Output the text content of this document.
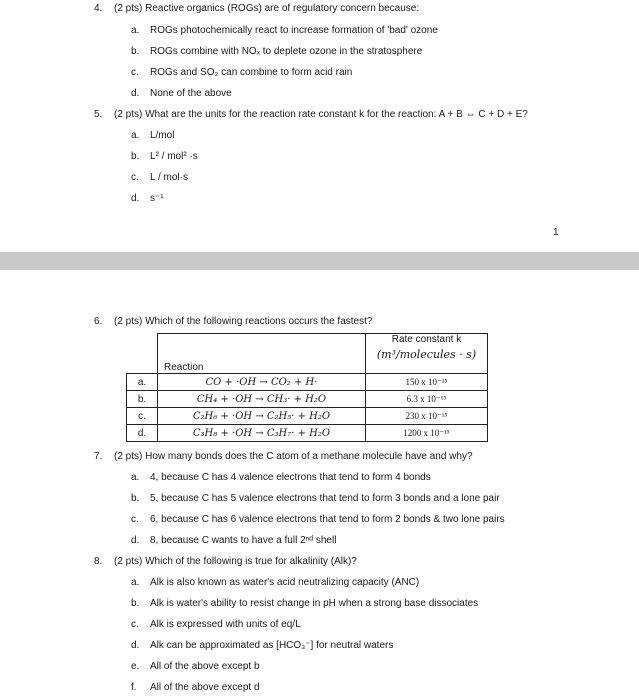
4. (2 pts) Reactive organics (ROGs) are of regulatory concern because:
a. ROGs photochemically react to increase formation of 'bad' ozone
b. ROGs combine with NOₓ to deplete ozone in the stratosphere
c. ROGs and SO₂ can combine to form acid rain
d. None of the above
5. (2 pts) What are the units for the reaction rate constant k for the reaction: A + B ⇔ C + D + E?
a. L/mol
b. L² / mol² ·s
c. L / mol·s
d. s⁻¹
1
6. (2 pts) Which of the following reactions occurs the fastest?
	Reaction	Rate constant k
(m³/molecules · s)

a.	CO + ·OH → CO₂ + H·	150 x 10⁻¹⁵
b.	CH₄ + ·OH → CH₃· + H₂O	6.3 x 10⁻¹⁵
c.	C₂H₆ + ·OH → C₂H₅· + H₂O	230 x 10⁻¹⁵
d.	C₃H₈ + ·OH → C₃H₇· + H₂O	1200 x 10⁻¹⁵
7. (2 pts) How many bonds does the C atom of a methane molecule have and why?
a. 4, because C has 4 valence electrons that tend to form 4 bonds
b. 5, because C has 5 valence electrons that tend to form 3 bonds and a lone pair
c. 6, because C has 6 valence electrons that tend to form 2 bonds & two lone pairs
d. 8, because C wants to have a full 2ⁿᵈ shell
8. (2 pts) Which of the following is true for alkalinity (Alk)?
a. Alk is also known as water's acid neutralizing capacity (ANC)
b. Alk is water's ability to resist change in pH when a strong base dissociates
c. Alk is expressed with units of eq/L
d. Alk can be approximated as [HCO₃⁻] for neutral waters
e. All of the above except b
f. All of the above except d
